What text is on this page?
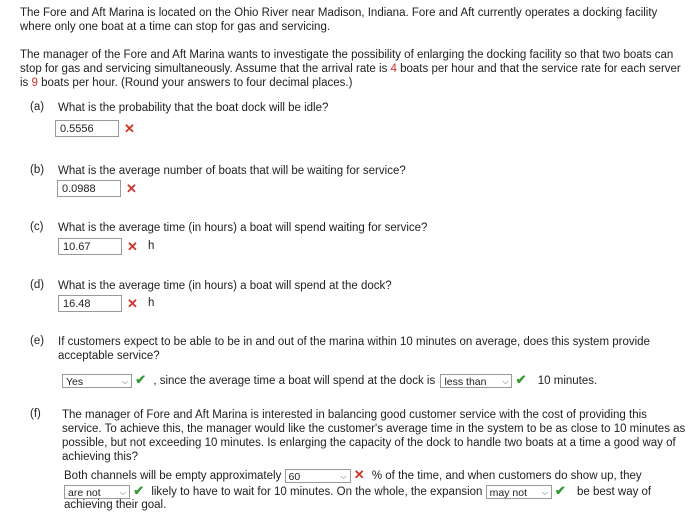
The Fore and Aft Marina is located on the Ohio River near Madison, Indiana. Fore and Aft currently operates a docking facility where only one boat at a time can stop for gas and servicing.
The manager of the Fore and Aft Marina wants to investigate the possibility of enlarging the docking facility so that two boats can stop for gas and servicing simultaneously. Assume that the arrival rate is 4 boats per hour and that the service rate for each server is 9 boats per hour. (Round your answers to four decimal places.)
(a) What is the probability that the boat dock will be idle?
0.5556	✕
(b) What is the average number of boats that will be waiting for service?
0.0988	✕
(c) What is the average time (in hours) a boat will spend waiting for service?
10.67	✕ h
(d) What is the average time (in hours) a boat will spend at the dock?
16.48	✕ h
(e) If customers expect to be able to be in and out of the marina within 10 minutes on average, does this system provide acceptable service?
Yes	⌵ ✔ , since the average time a boat will spend at the dock is less than ⌵ ✔ 10 minutes.
(f) The manager of Fore and Aft Marina is interested in balancing good customer service with the cost of providing this service. To achieve this, the manager would like the customer's average time in the system to be as close to 10 minutes as possible, but not exceeding 10 minutes. Is enlarging the capacity of the dock to handle two boats at a time a good way of achieving this?
Both channels will be empty approximately 60	⌵ ✕ % of the time, and when customers do show up, they
are not ⌵ ✔ likely to have to wait for 10 minutes. On the whole, the expansion may not ⌵ ✔ be best way of
achieving their goal.
